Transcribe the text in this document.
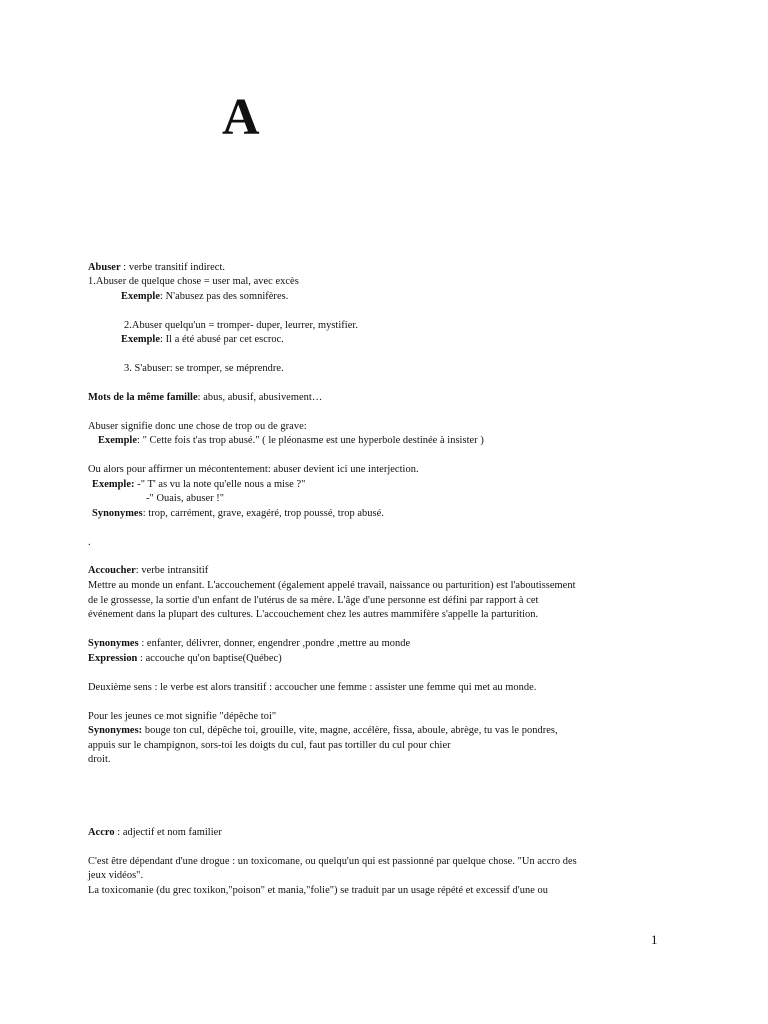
A
Abuser : verbe transitif indirect.
1.Abuser de quelque chose = user mal, avec excès
Exemple: N'abusez pas des somnifères.
2.Abuser quelqu'un = tromper- duper, leurrer, mystifier.
Exemple: Il a été abusé par cet escroc.
3. S'abuser: se tromper, se méprendre.
Mots de la même famille: abus, abusif, abusivement…
Abuser signifie donc une chose de trop ou de grave:
Exemple: " Cette fois t'as trop abusé." ( le pléonasme est une hyperbole destinée à insister )
Ou alors pour affirmer un mécontentement: abuser devient ici une interjection.
Exemple: -" T' as vu la note qu'elle nous a mise ?"
-" Ouais, abuser !"
Synonymes: trop, carrément, grave, exagéré, trop poussé, trop abusé.
.
Accoucher: verbe intransitif
Mettre au monde un enfant. L'accouchement (également appelé travail, naissance ou parturition) est l'aboutissement
de le grossesse, la sortie d'un enfant de l'utérus de sa mère. L'âge d'une personne est défini par rapport à cet
événement dans la plupart des cultures. L'accouchement chez les autres mammifère s'appelle la parturition.
Synonymes : enfanter, délivrer, donner, engendrer ,pondre ,mettre au monde
Expression : accouche qu'on baptise(Québec)
Deuxième sens : le verbe est alors transitif : accoucher une femme : assister une femme qui met au monde.
Pour les jeunes ce mot signifie "dépêche toi"
Synonymes: bouge ton cul, dépêche toi, grouille, vite, magne, accélère, fissa, aboule, abrège, tu vas le pondres,
appuis sur le champignon, sors-toi les doigts du cul, faut pas tortiller du cul pour chier
droit.
Accro : adjectif et nom familier
C'est être dépendant d'une drogue : un toxicomane, ou quelqu'un qui est passionné par quelque chose. "Un accro des
jeux vidéos".
La toxicomanie (du grec toxikon,"poison" et mania,"folie") se traduit par un usage répété et excessif d'une ou
1
